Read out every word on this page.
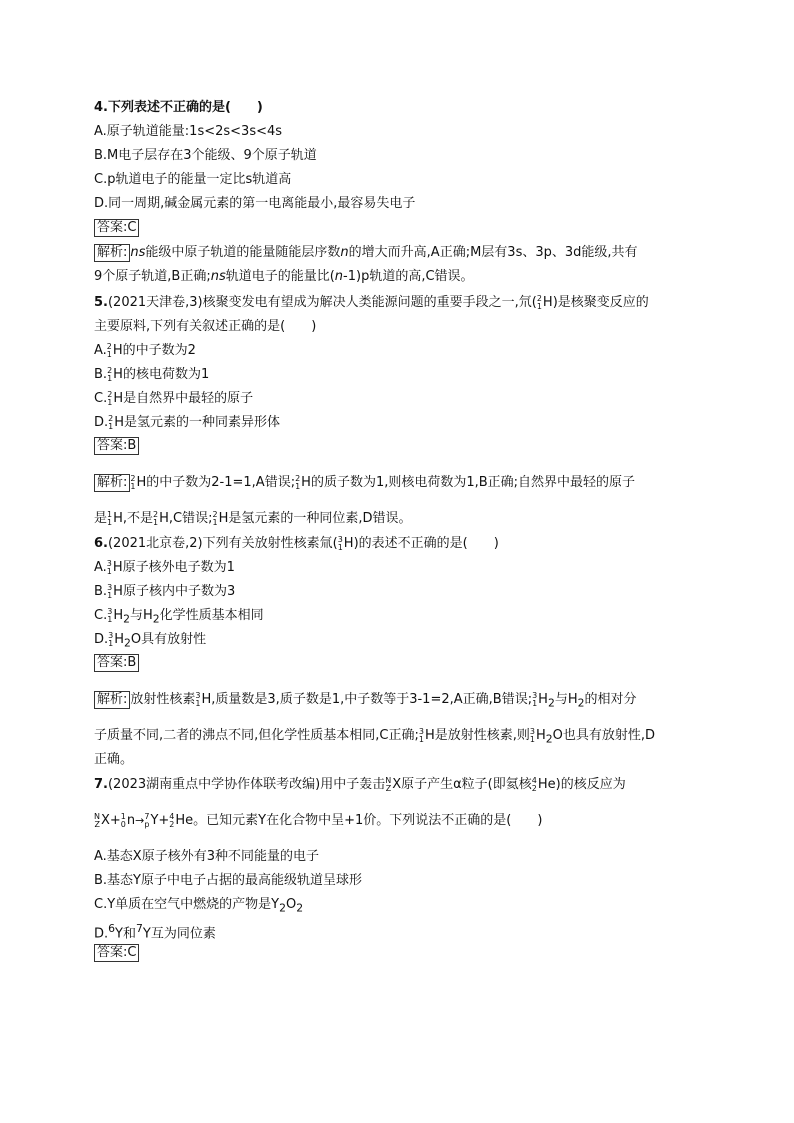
4.下列表述不正确的是(　　)
A.原子轨道能量:1s<2s<3s<4s
B.M电子层存在3个能级、9个原子轨道
C.p轨道电子的能量一定比s轨道高
D.同一周期,碱金属元素的第一电离能最小,最容易失电子
答案:C
解析: ns能级中原子轨道的能量随能层序数n的增大而升高,A正确;M层有3s、3p、3d能级,共有
9个原子轨道,B正确;ns轨道电子的能量比(n-1)p轨道的高,C错误。
5.(2021天津卷,3)核聚变发电有望成为解决人类能源问题的重要手段之一,氘( 2
1 H)是核聚变反应的
主要原料,下列有关叙述正确的是(　　)
A. 2
1 H的中子数为2
B. 2
1 H的核电荷数为1
C. 2
1 H是自然界中最轻的原子
D. 2
1 H是氢元素的一种同素异形体
答案:B
解析: 2
1 H的中子数为2-1=1,A错误; 2
1 H的质子数为1,则核电荷数为1,B正确;自然界中最轻的原子
是 1
1 H,不是 2
1 H,C错误; 2
1 H是氢元素的一种同位素,D错误。
6.(2021北京卷,2)下列有关放射性核素氚( 3
1 H)的表述不正确的是(　　)
A. 3
1 H原子核外电子数为1
B. 3
1 H原子核内中子数为3
C. 3
1 $H_2$与$H_2$化学性质基本相同
D. 3
1 $H_2O$具有放射性
答案:B
解析: 放射性核素 3
1 H,质量数是3,质子数是1,中子数等于3-1=2,A正确,B错误; 3
1 $H_2$与$H_2$的相对分
子质量不同,二者的沸点不同,但化学性质基本相同,C正确; 3
1 H是放射性核素,则 3
1 $H_2O$也具有放射性,D
正确。
7.(2023湖南重点中学协作体联考改编)用中子轰击 N
Z X原子产生α粒子(即氦核 4
2 He)的核反应为
N
Z X+ 1
0 n→ 7
p Y+ 4
2 He。已知元素Y在化合物中呈+1价。下列说法不正确的是(　　)
A.基态X原子核外有3种不同能量的电子
B.基态Y原子中电子占据的最高能级轨道呈球形
C.Y单质在空气中燃烧的产物是$Y_2O_2$
D.$^6$Y和$^7$Y互为同位素
答案:C
